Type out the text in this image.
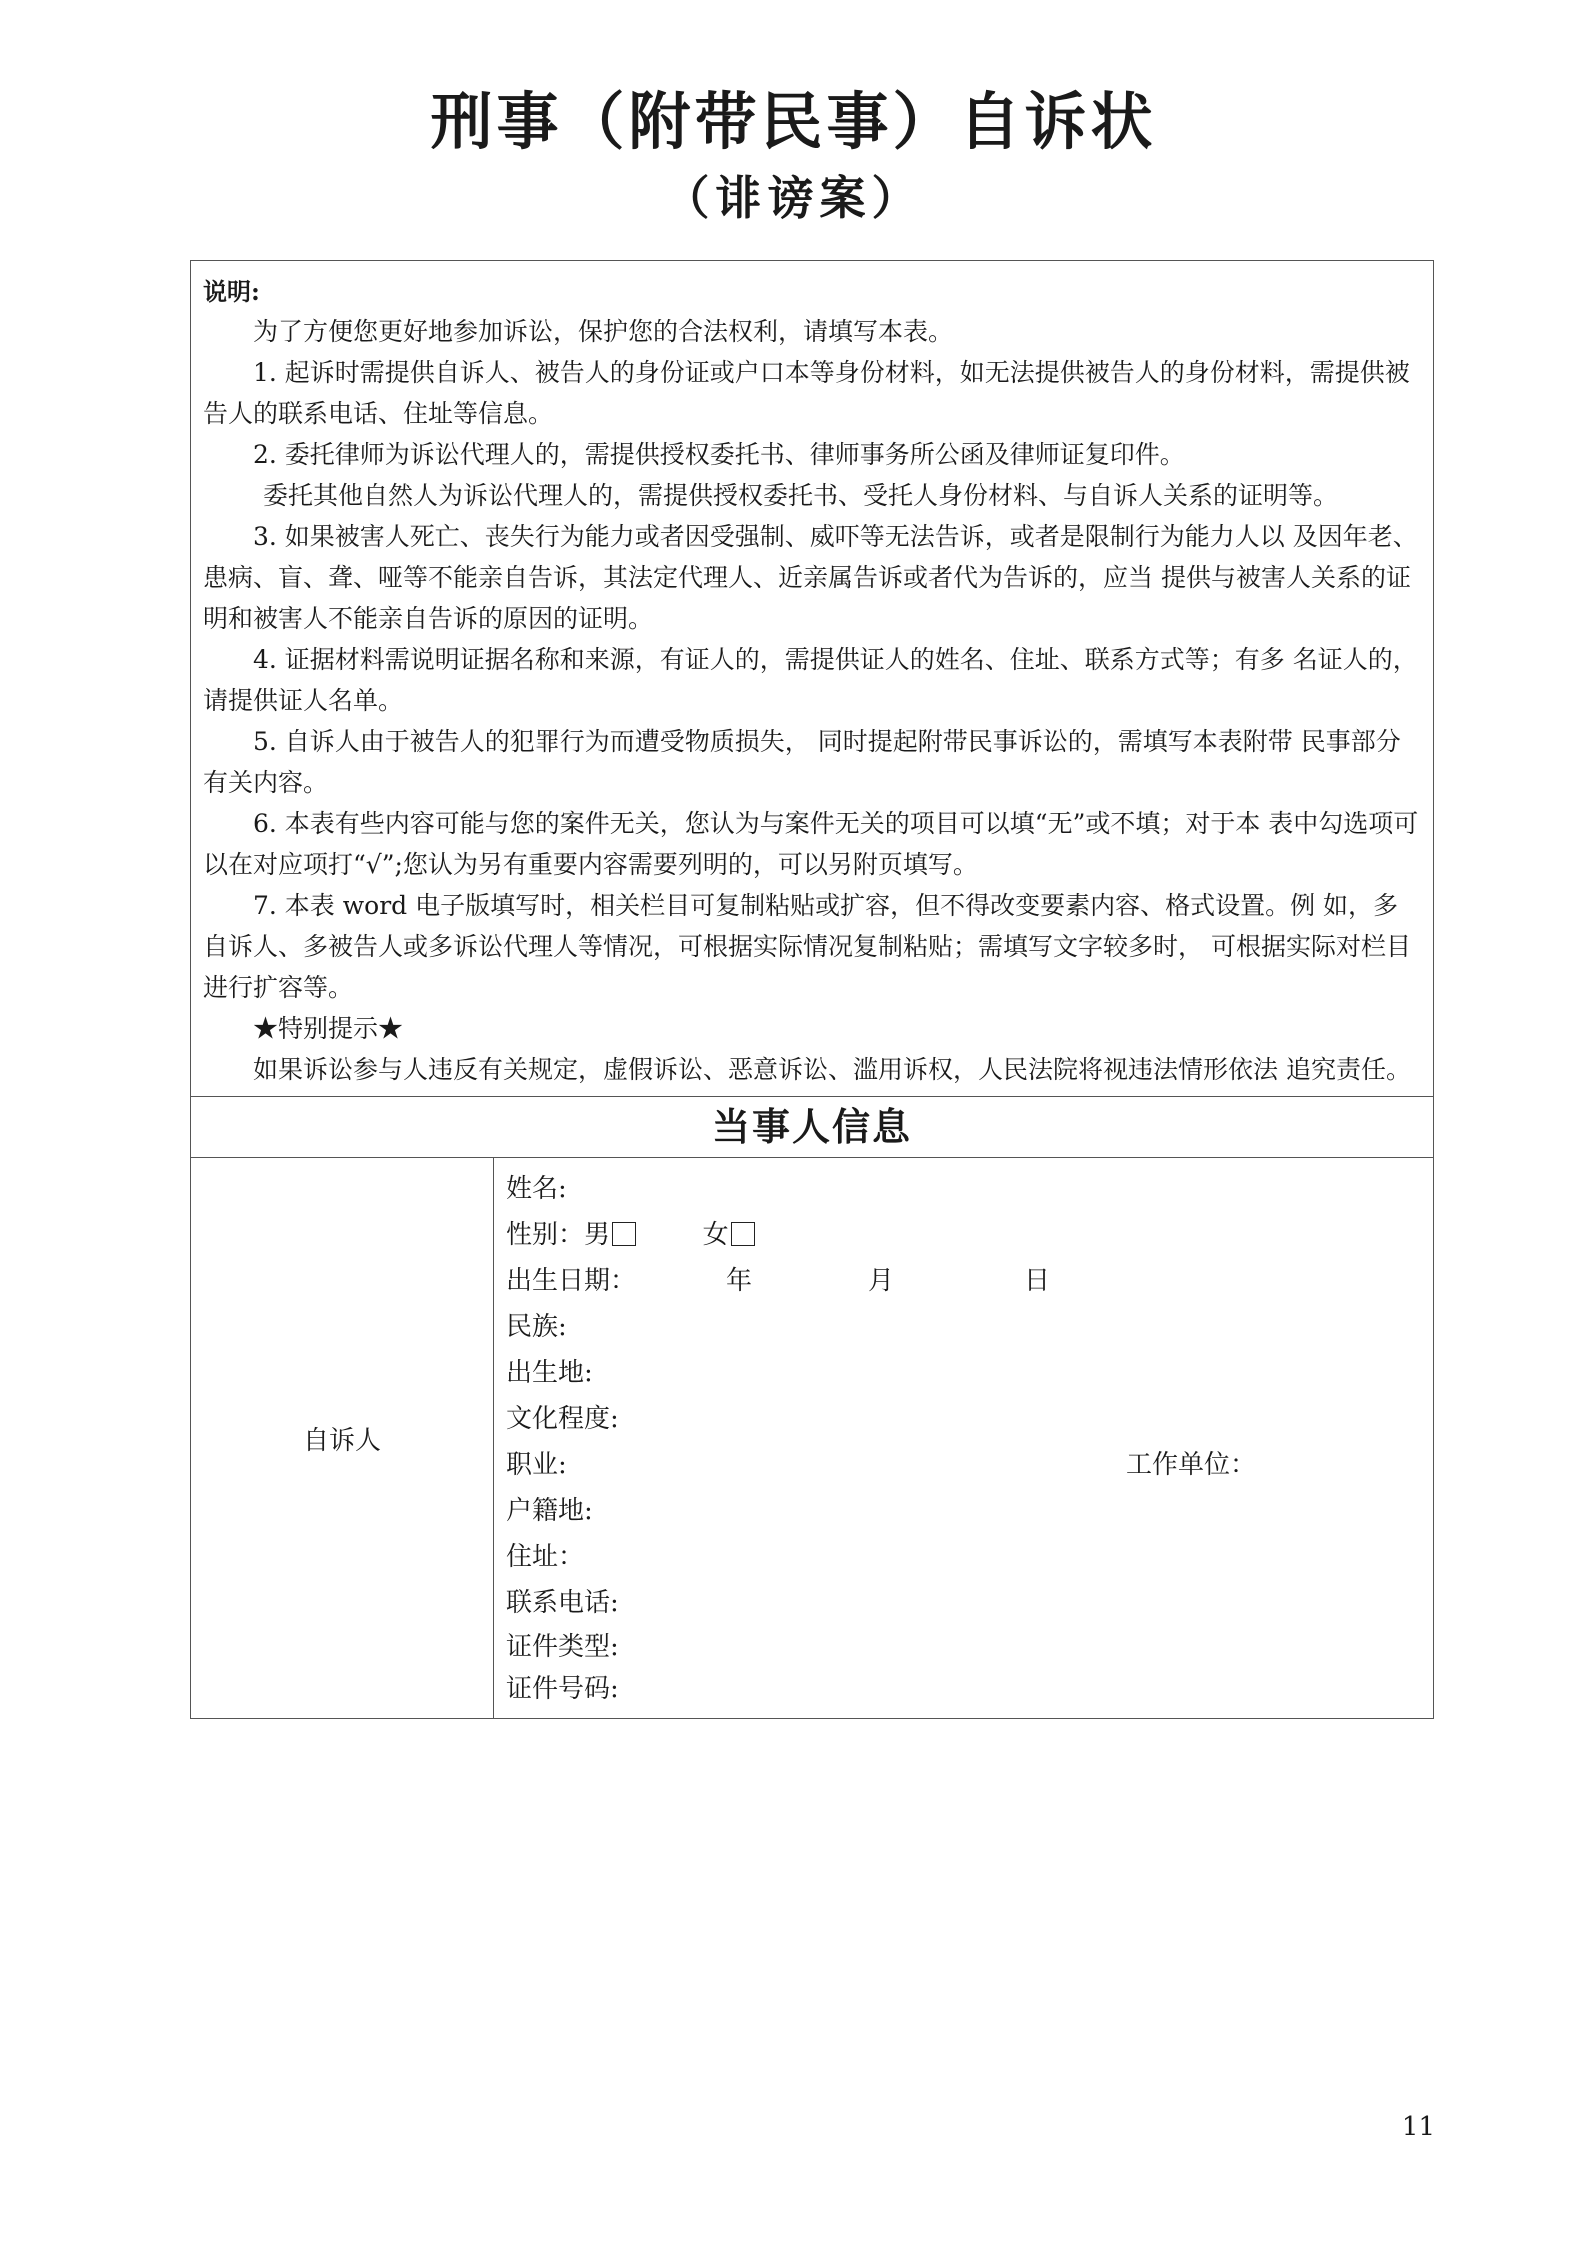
刑事（附带民事）自诉状
（诽谤案）
说明:

为了方便您更好地参加诉讼，保护您的合法权利，请填写本表。

1. 起诉时需提供自诉人、被告人的身份证或户口本等身份材料，如无法提供被告人的身份材料，需提供被告人的联系电话、住址等信息。

2. 委托律师为诉讼代理人的，需提供授权委托书、律师事务所公函及律师证复印件。

委托其他自然人为诉讼代理人的，需提供授权委托书、受托人身份材料、与自诉人关系的证明等。

3. 如果被害人死亡、丧失行为能力或者因受强制、威吓等无法告诉，或者是限制行为能力人以 及因年老、患病、盲、聋、哑等不能亲自告诉，其法定代理人、近亲属告诉或者代为告诉的，应当 提供与被害人关系的证明和被害人不能亲自告诉的原因的证明。

4. 证据材料需说明证据名称和来源，有证人的，需提供证人的姓名、住址、联系方式等；有多 名证人的，请提供证人名单。

5. 自诉人由于被告人的犯罪行为而遭受物质损失， 同时提起附带民事诉讼的，需填写本表附带 民事部分有关内容。

6. 本表有些内容可能与您的案件无关，您认为与案件无关的项目可以填“无”或不填；对于本 表中勾选项可以在对应项打“√”;您认为另有重要内容需要列明的，可以另附页填写。

7. 本表 word 电子版填写时，相关栏目可复制粘贴或扩容，但不得改变要素内容、格式设置。例 如，多自诉人、多被告人或多诉讼代理人等情况，可根据实际情况复制粘贴；需填写文字较多时， 可根据实际对栏目进行扩容等。

★特别提示★

如果诉讼参与人违反有关规定，虚假诉讼、恶意诉讼、滥用诉权，人民法院将视违法情形依法 追究责任。

当事人信息
自诉人
姓名:
性别：男	女
出生日期：	年	月	日
民族:
出生地:
文化程度:
职业:	工作单位：
户籍地:
住址：
联系电话:
证件类型:
证件号码:
11
